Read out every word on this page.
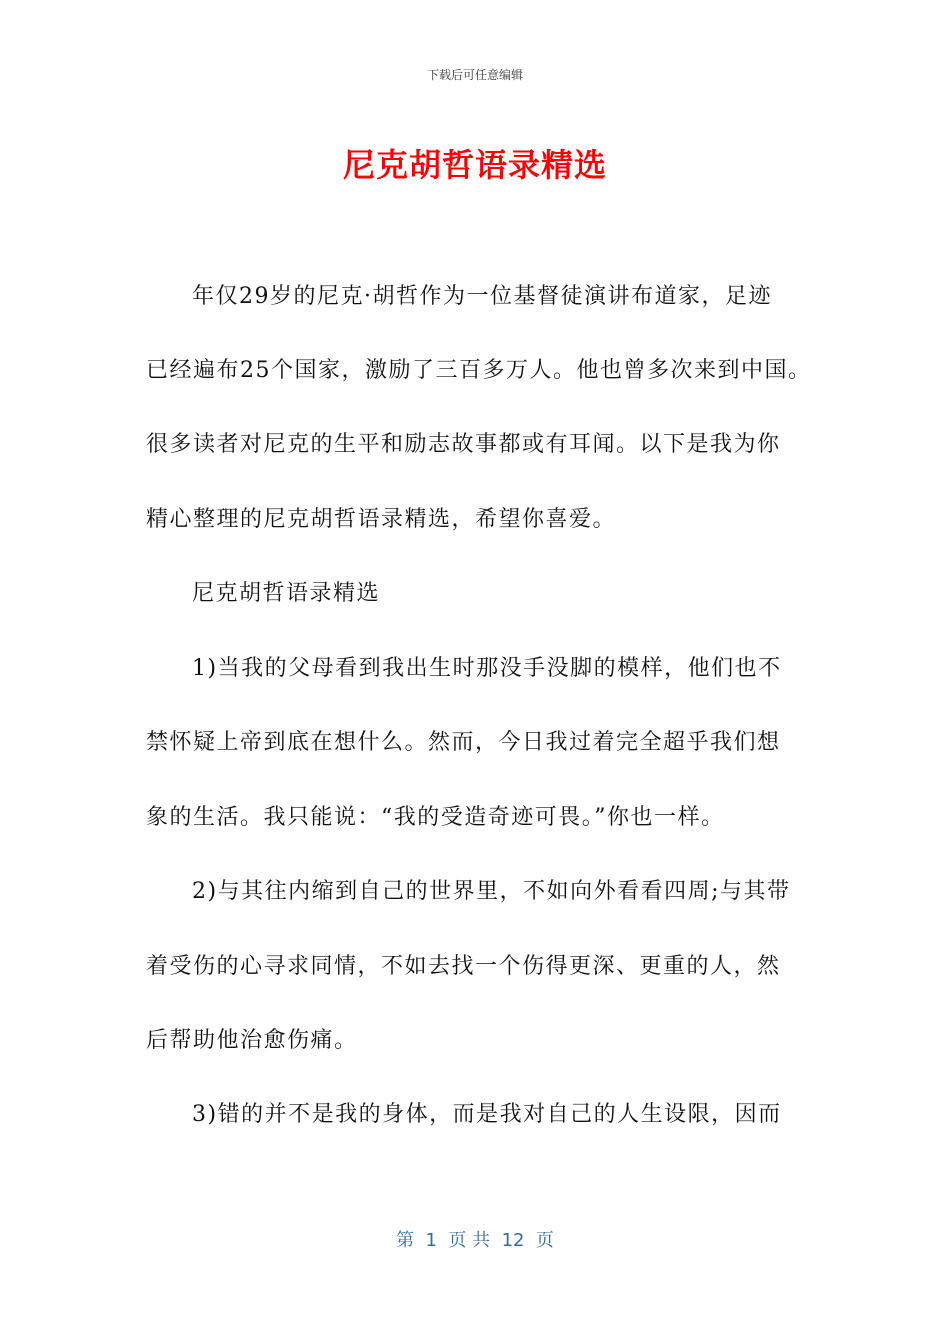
下载后可任意编辑
尼克胡哲语录精选
年仅29岁的尼克·胡哲作为一位基督徒演讲布道家，足迹
已经遍布25个国家，激励了三百多万人。他也曾多次来到中国。
很多读者对尼克的生平和励志故事都或有耳闻。以下是我为你
精心整理的尼克胡哲语录精选，希望你喜爱。
尼克胡哲语录精选
1)当我的父母看到我出生时那没手没脚的模样，他们也不
禁怀疑上帝到底在想什么。然而，今日我过着完全超乎我们想
象的生活。我只能说：“我的受造奇迹可畏。”你也一样。
2)与其往内缩到自己的世界里，不如向外看看四周;与其带
着受伤的心寻求同情，不如去找一个伤得更深、更重的人，然
后帮助他治愈伤痛。
3)错的并不是我的身体，而是我对自己的人生设限，因而
第  1  页 共  12  页
